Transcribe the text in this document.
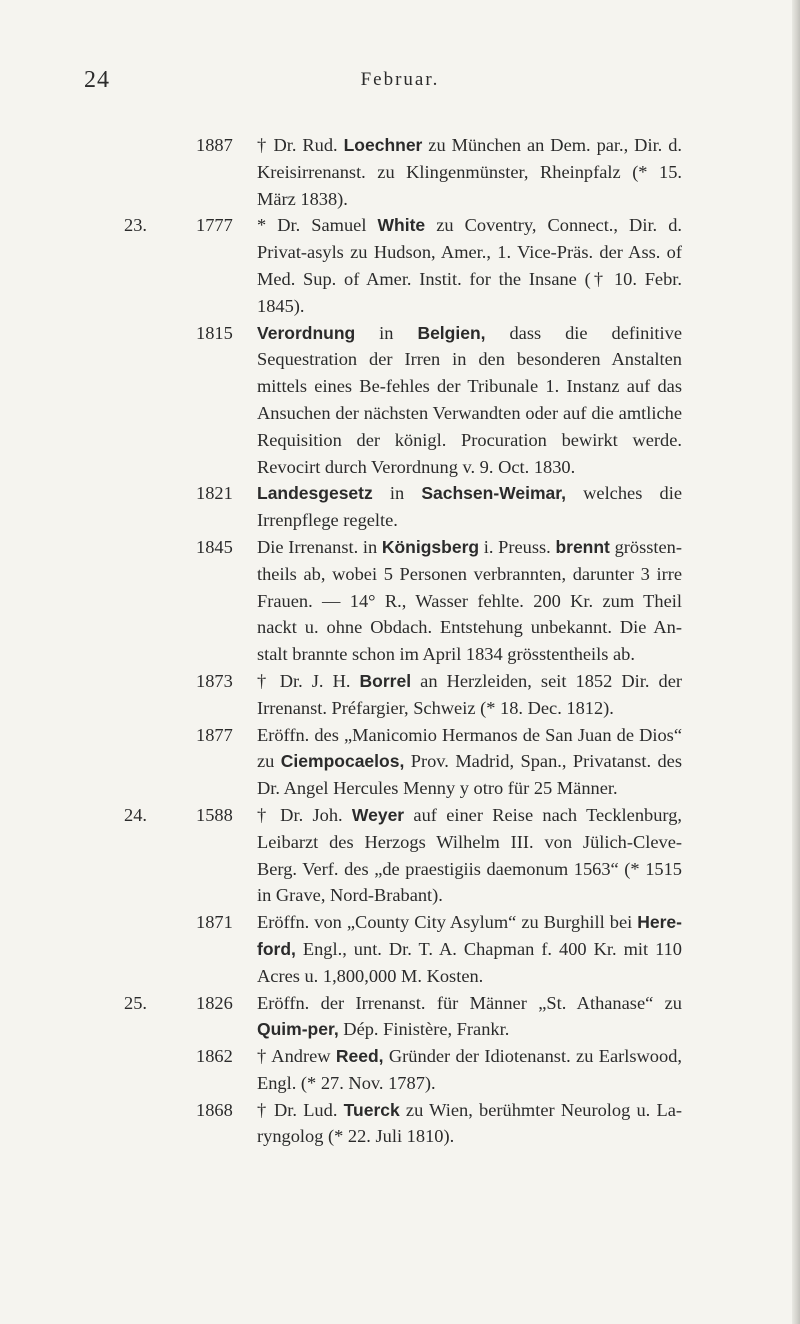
24	Februar.
1887	† Dr. Rud. Loechner zu München an Dem. par., Dir. d. Kreisirrenanst. zu Klingenmünster, Rheinpfalz (* 15. März 1838).
23.	1777	* Dr. Samuel White zu Coventry, Connect., Dir. d. Privat-asyls zu Hudson, Amer., 1. Vice-Präs. der Ass. of Med. Sup. of Amer. Instit. for the Insane († 10. Febr. 1845).
1815	Verordnung in Belgien, dass die definitive Sequestration der Irren in den besonderen Anstalten mittels eines Be-fehles der Tribunale 1. Instanz auf das Ansuchen der nächsten Verwandten oder auf die amtliche Requisition der königl. Procuration bewirkt werde. Revocirt durch Verordnung v. 9. Oct. 1830.
1821	Landesgesetz in Sachsen-Weimar, welches die Irrenpflege regelte.
1845	Die Irrenanst. in Königsberg i. Preuss. brennt grössten-theils ab, wobei 5 Personen verbrannten, darunter 3 irre Frauen. — 14° R., Wasser fehlte. 200 Kr. zum Theil nackt u. ohne Obdach. Entstehung unbekannt. Die An-stalt brannte schon im April 1834 grösstentheils ab.
1873	† Dr. J. H. Borrel an Herzleiden, seit 1852 Dir. der Irrenanst. Préfargier, Schweiz (* 18. Dec. 1812).
1877	Eröffn. des „Manicomio Hermanos de San Juan de Dios“ zu Ciempocaelos, Prov. Madrid, Span., Privatanst. des Dr. Angel Hercules Menny y otro für 25 Männer.
24.	1588	† Dr. Joh. Weyer auf einer Reise nach Tecklenburg, Leibarzt des Herzogs Wilhelm III. von Jülich-Cleve-Berg. Verf. des „de praestigiis daemonum 1563“ (* 1515 in Grave, Nord-Brabant).
1871	Eröffn. von „County City Asylum“ zu Burghill bei Here-ford, Engl., unt. Dr. T. A. Chapman f. 400 Kr. mit 110 Acres u. 1,800,000 M. Kosten.
25.	1826	Eröffn. der Irrenanst. für Männer „St. Athanase“ zu Quim-per, Dép. Finistère, Frankr.
1862	† Andrew Reed, Gründer der Idiotenanst. zu Earlswood, Engl. (* 27. Nov. 1787).
1868	† Dr. Lud. Tuerck zu Wien, berühmter Neurolog u. La-ryngolog (* 22. Juli 1810).
